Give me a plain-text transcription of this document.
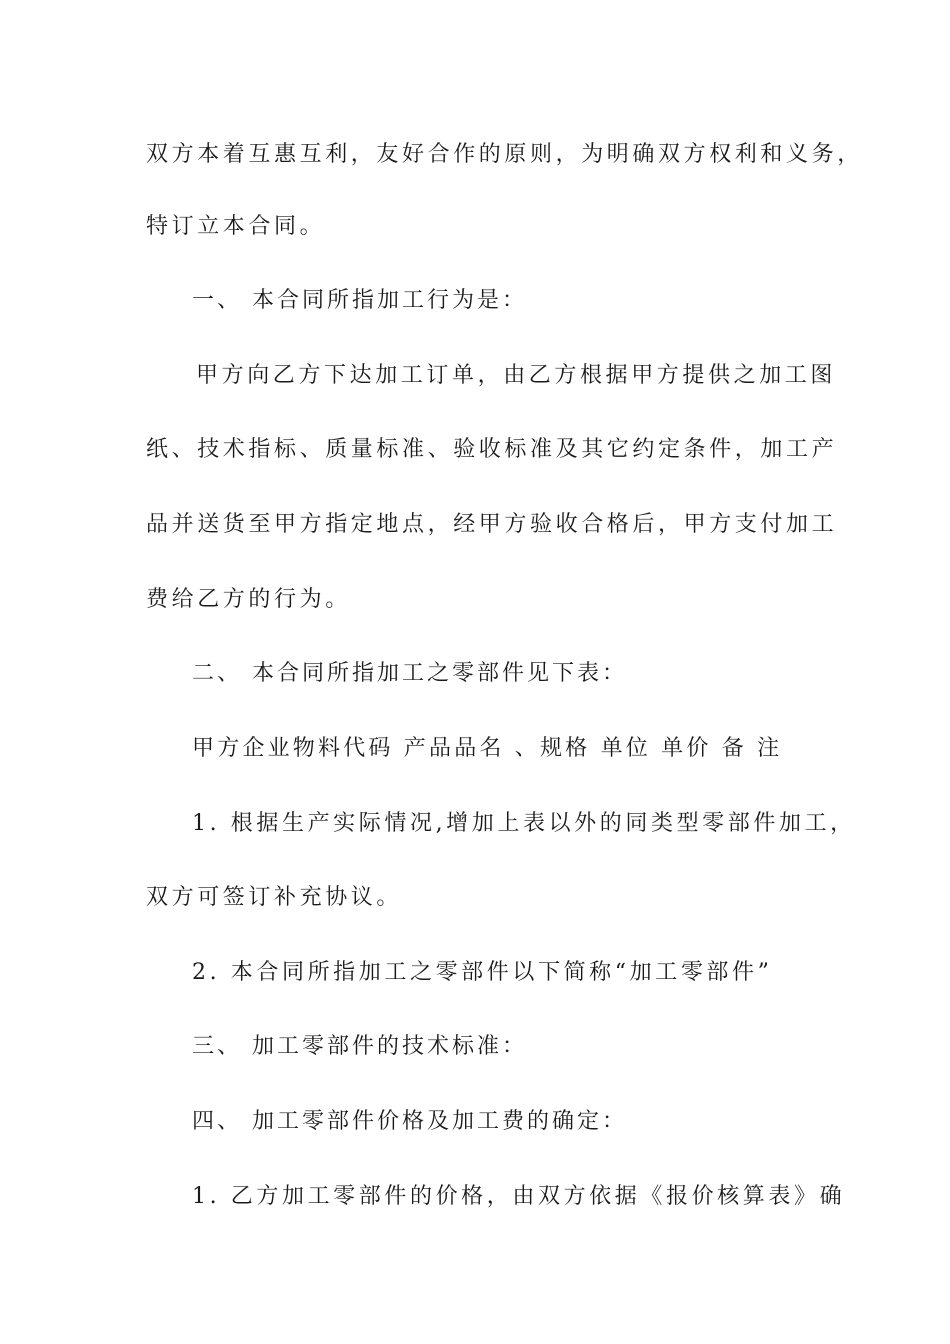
双方本着互惠互利，友好合作的原则，为明确双方权利和义务，
特订立本合同。
一、 本合同所指加工行为是：
甲方向乙方下达加工订单，由乙方根据甲方提供之加工图
纸、技术指标、质量标准、验收标准及其它约定条件，加工产
品并送货至甲方指定地点，经甲方验收合格后，甲方支付加工
费给乙方的行为。
二、 本合同所指加工之零部件见下表：
甲方企业物料代码 产品品名 、规格 单位 单价 备 注
1. 根据生产实际情况,增加上表以外的同类型零部件加工，
双方可签订补充协议。
2. 本合同所指加工之零部件以下简称“加工零部件”
三、 加工零部件的技术标准：
四、 加工零部件价格及加工费的确定：
1. 乙方加工零部件的价格，由双方依据《报价核算表》确
